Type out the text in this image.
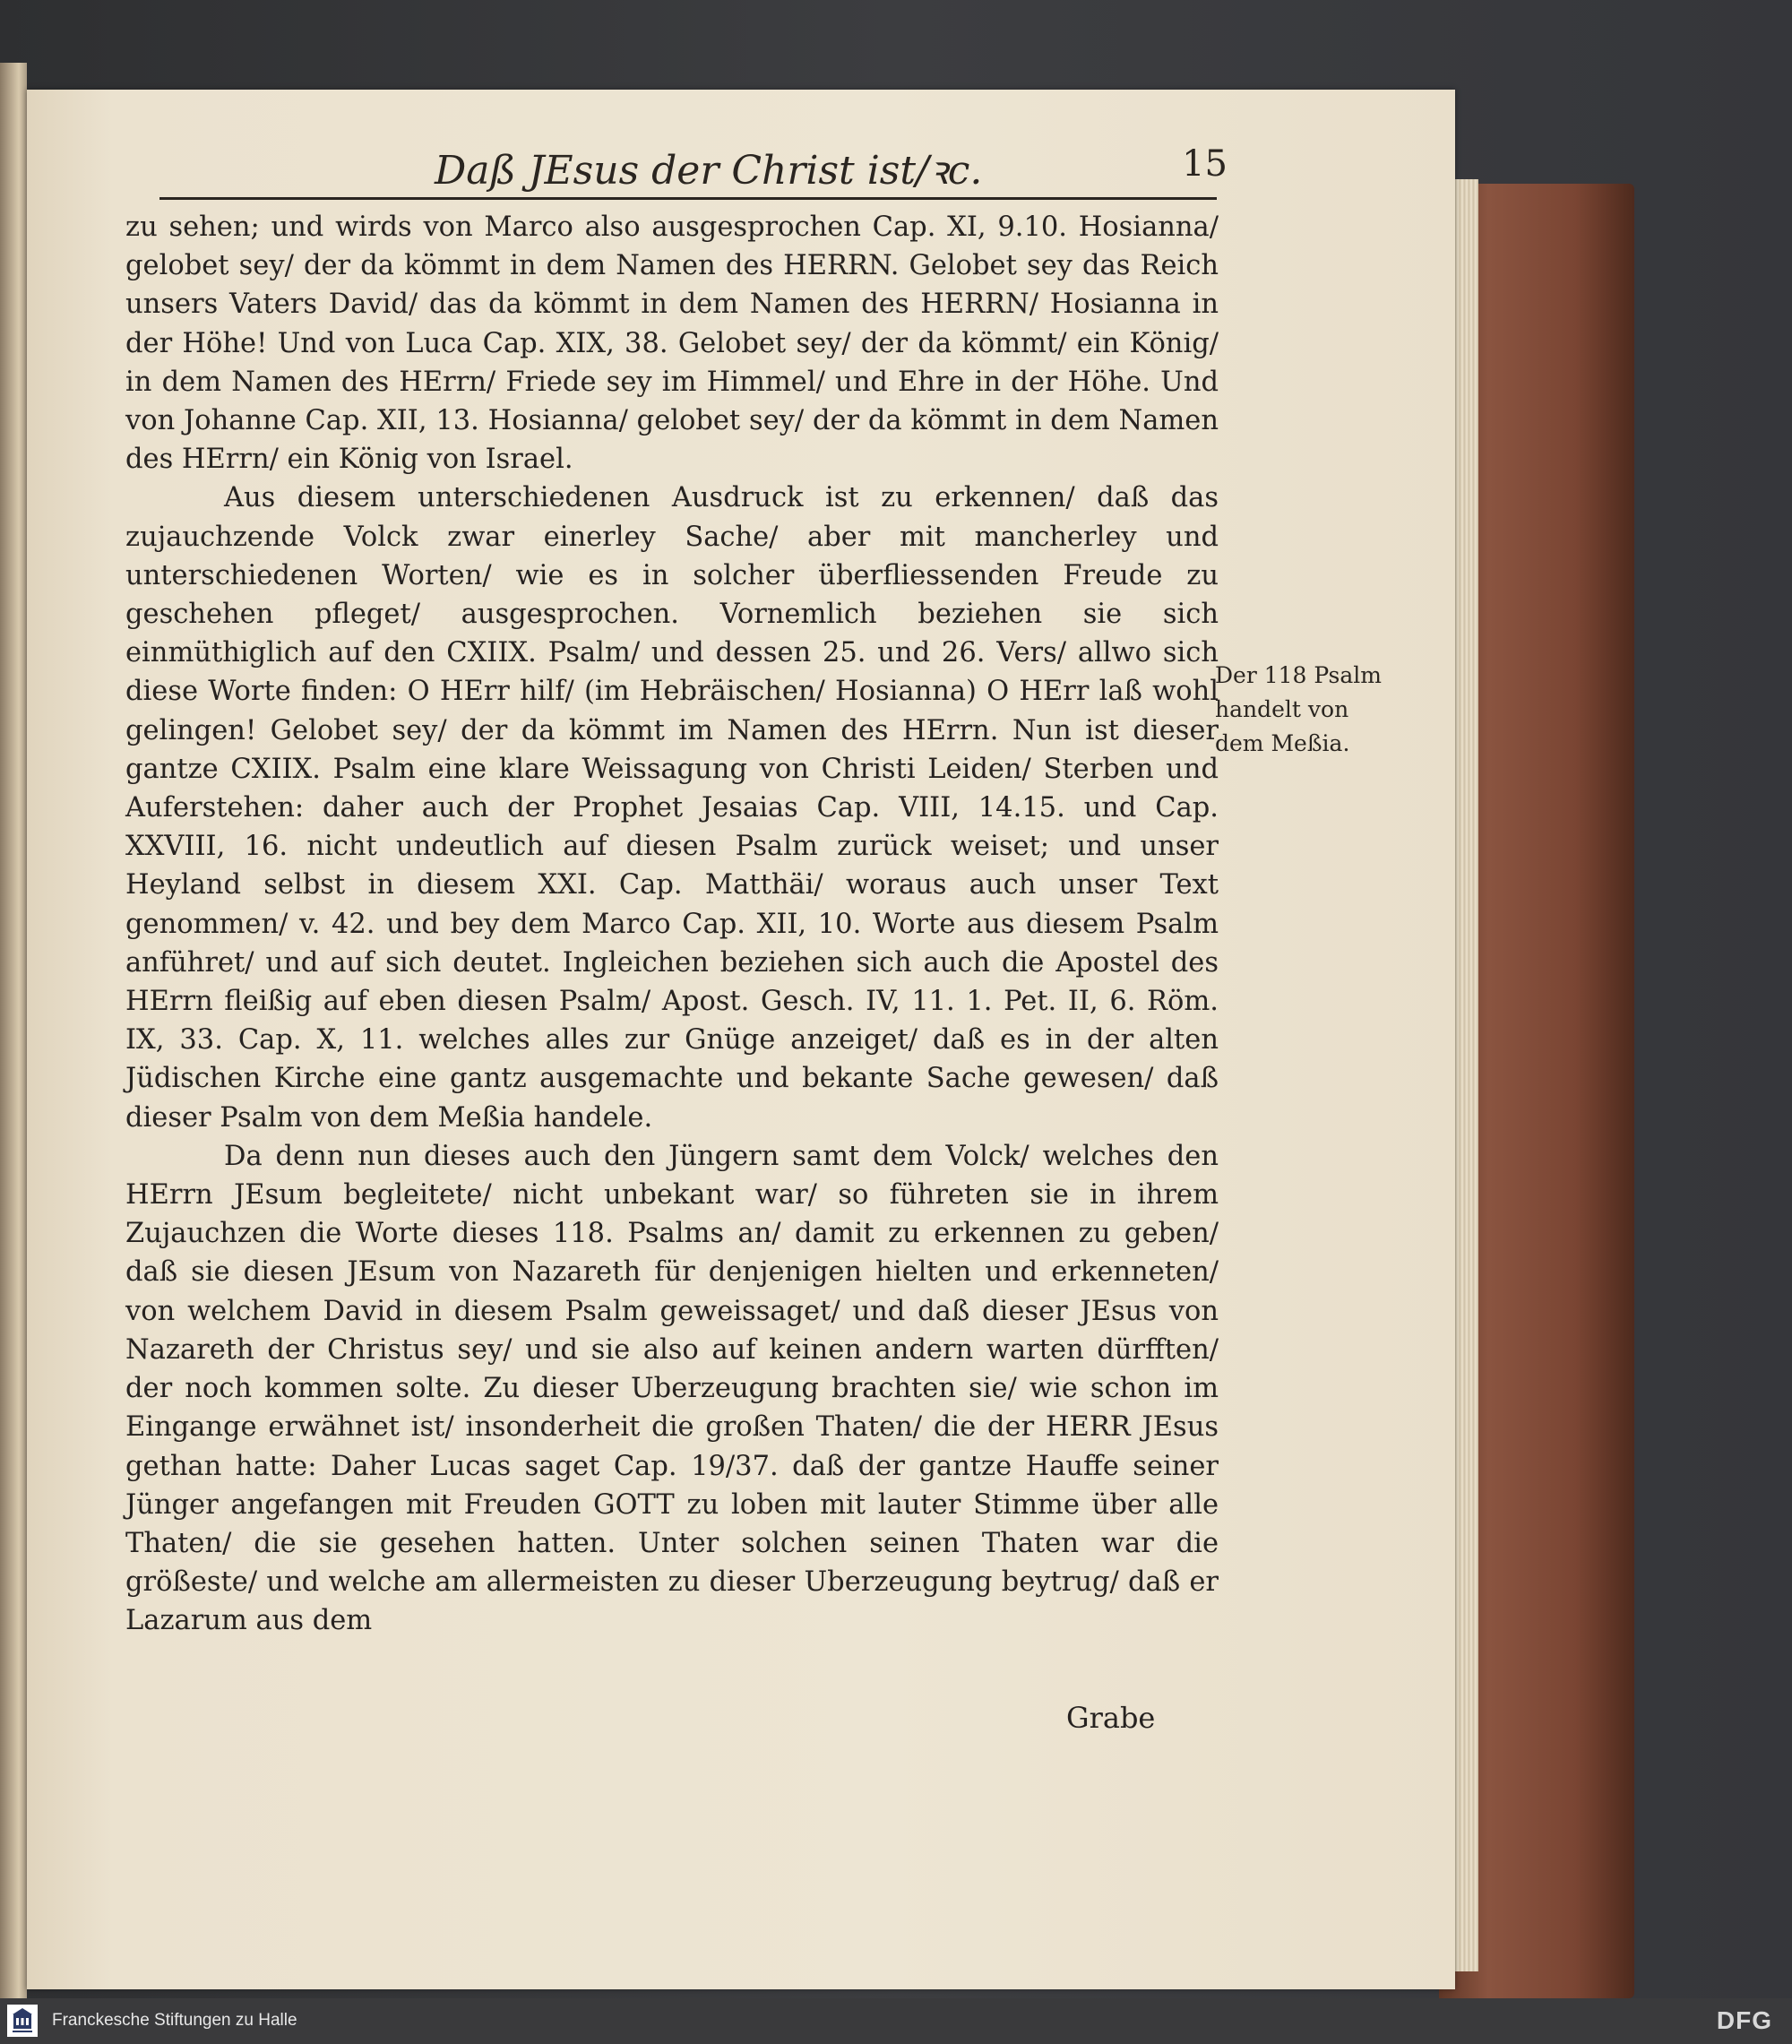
Daß JEsus der Christ ist/ꝛc.	15

zu sehen; und wirds von Marco also ausgesprochen Cap. XI, 9.10. Hosianna/ gelobet sey/ der da kömmt in dem Namen des HERRN. Gelobet sey das Reich unsers Vaters David/ das da kömmt in dem Namen des HERRN/ Hosianna in der Höhe! Und von Luca Cap. XIX, 38. Gelobet sey/ der da kömmt/ ein König/ in dem Namen des HErrn/ Friede sey im Himmel/ und Ehre in der Höhe. Und von Johanne Cap. XII, 13. Hosianna/ gelobet sey/ der da kömmt in dem Namen des HErrn/ ein König von Israel.

Aus diesem unterschiedenen Ausdruck ist zu erkennen/ daß das zujauchzende Volck zwar einerley Sache/ aber mit mancherley und unterschiedenen Worten/ wie es in solcher überfliessenden Freude zu geschehen pfleget/ ausgesprochen. Vornemlich beziehen sie sich einmüthiglich auf den CXIIX. Psalm/ und dessen 25. und 26. Vers/ allwo sich diese Worte finden: O HErr hilf/ (im Hebräischen/ Hosianna) O HErr laß wohl gelingen! Gelobet sey/ der da kömmt im Namen des HErrn. Nun ist dieser gantze CXIIX. Psalm eine klare Weissagung von Christi Leiden/ Sterben und Auferstehen: daher auch der Prophet Jesaias Cap. VIII, 14.15. und Cap. XXVIII, 16. nicht undeutlich auf diesen Psalm zurück weiset; und unser Heyland selbst in diesem XXI. Cap. Matthäi/ woraus auch unser Text genommen/ v. 42. und bey dem Marco Cap. XII, 10. Worte aus diesem Psalm anführet/ und auf sich deutet. Ingleichen beziehen sich auch die Apostel des HErrn fleißig auf eben diesen Psalm/ Apost. Gesch. IV, 11. 1. Pet. II, 6. Röm. IX, 33. Cap. X, 11. welches alles zur Gnüge anzeiget/ daß es in der alten Jüdischen Kirche eine gantz ausgemachte und bekante Sache gewesen/ daß dieser Psalm von dem Meßia handele.

Da denn nun dieses auch den Jüngern samt dem Volck/ welches den HErrn JEsum begleitete/ nicht unbekant war/ so führeten sie in ihrem Zujauchzen die Worte dieses 118. Psalms an/ damit zu erkennen zu geben/ daß sie diesen JEsum von Nazareth für denjenigen hielten und erkenneten/ von welchem David in diesem Psalm geweissaget/ und daß dieser JEsus von Nazareth der Christus sey/ und sie also auf keinen andern warten dürfften/ der noch kommen solte. Zu dieser Uberzeugung brachten sie/ wie schon im Eingange erwähnet ist/ insonderheit die großen Thaten/ die der HERR JEsus gethan hatte: Daher Lucas saget Cap. 19/37. daß der gantze Hauffe seiner Jünger angefangen mit Freuden GOTT zu loben mit lauter Stimme über alle Thaten/ die sie gesehen hatten. Unter solchen seinen Thaten war die größeste/ und welche am allermeisten zu dieser Uberzeugung beytrug/ daß er Lazarum aus dem

Grabe
Der 118 Psalm handelt von dem Meßia.
Franckesche Stiftungen zu Halle	DFG
